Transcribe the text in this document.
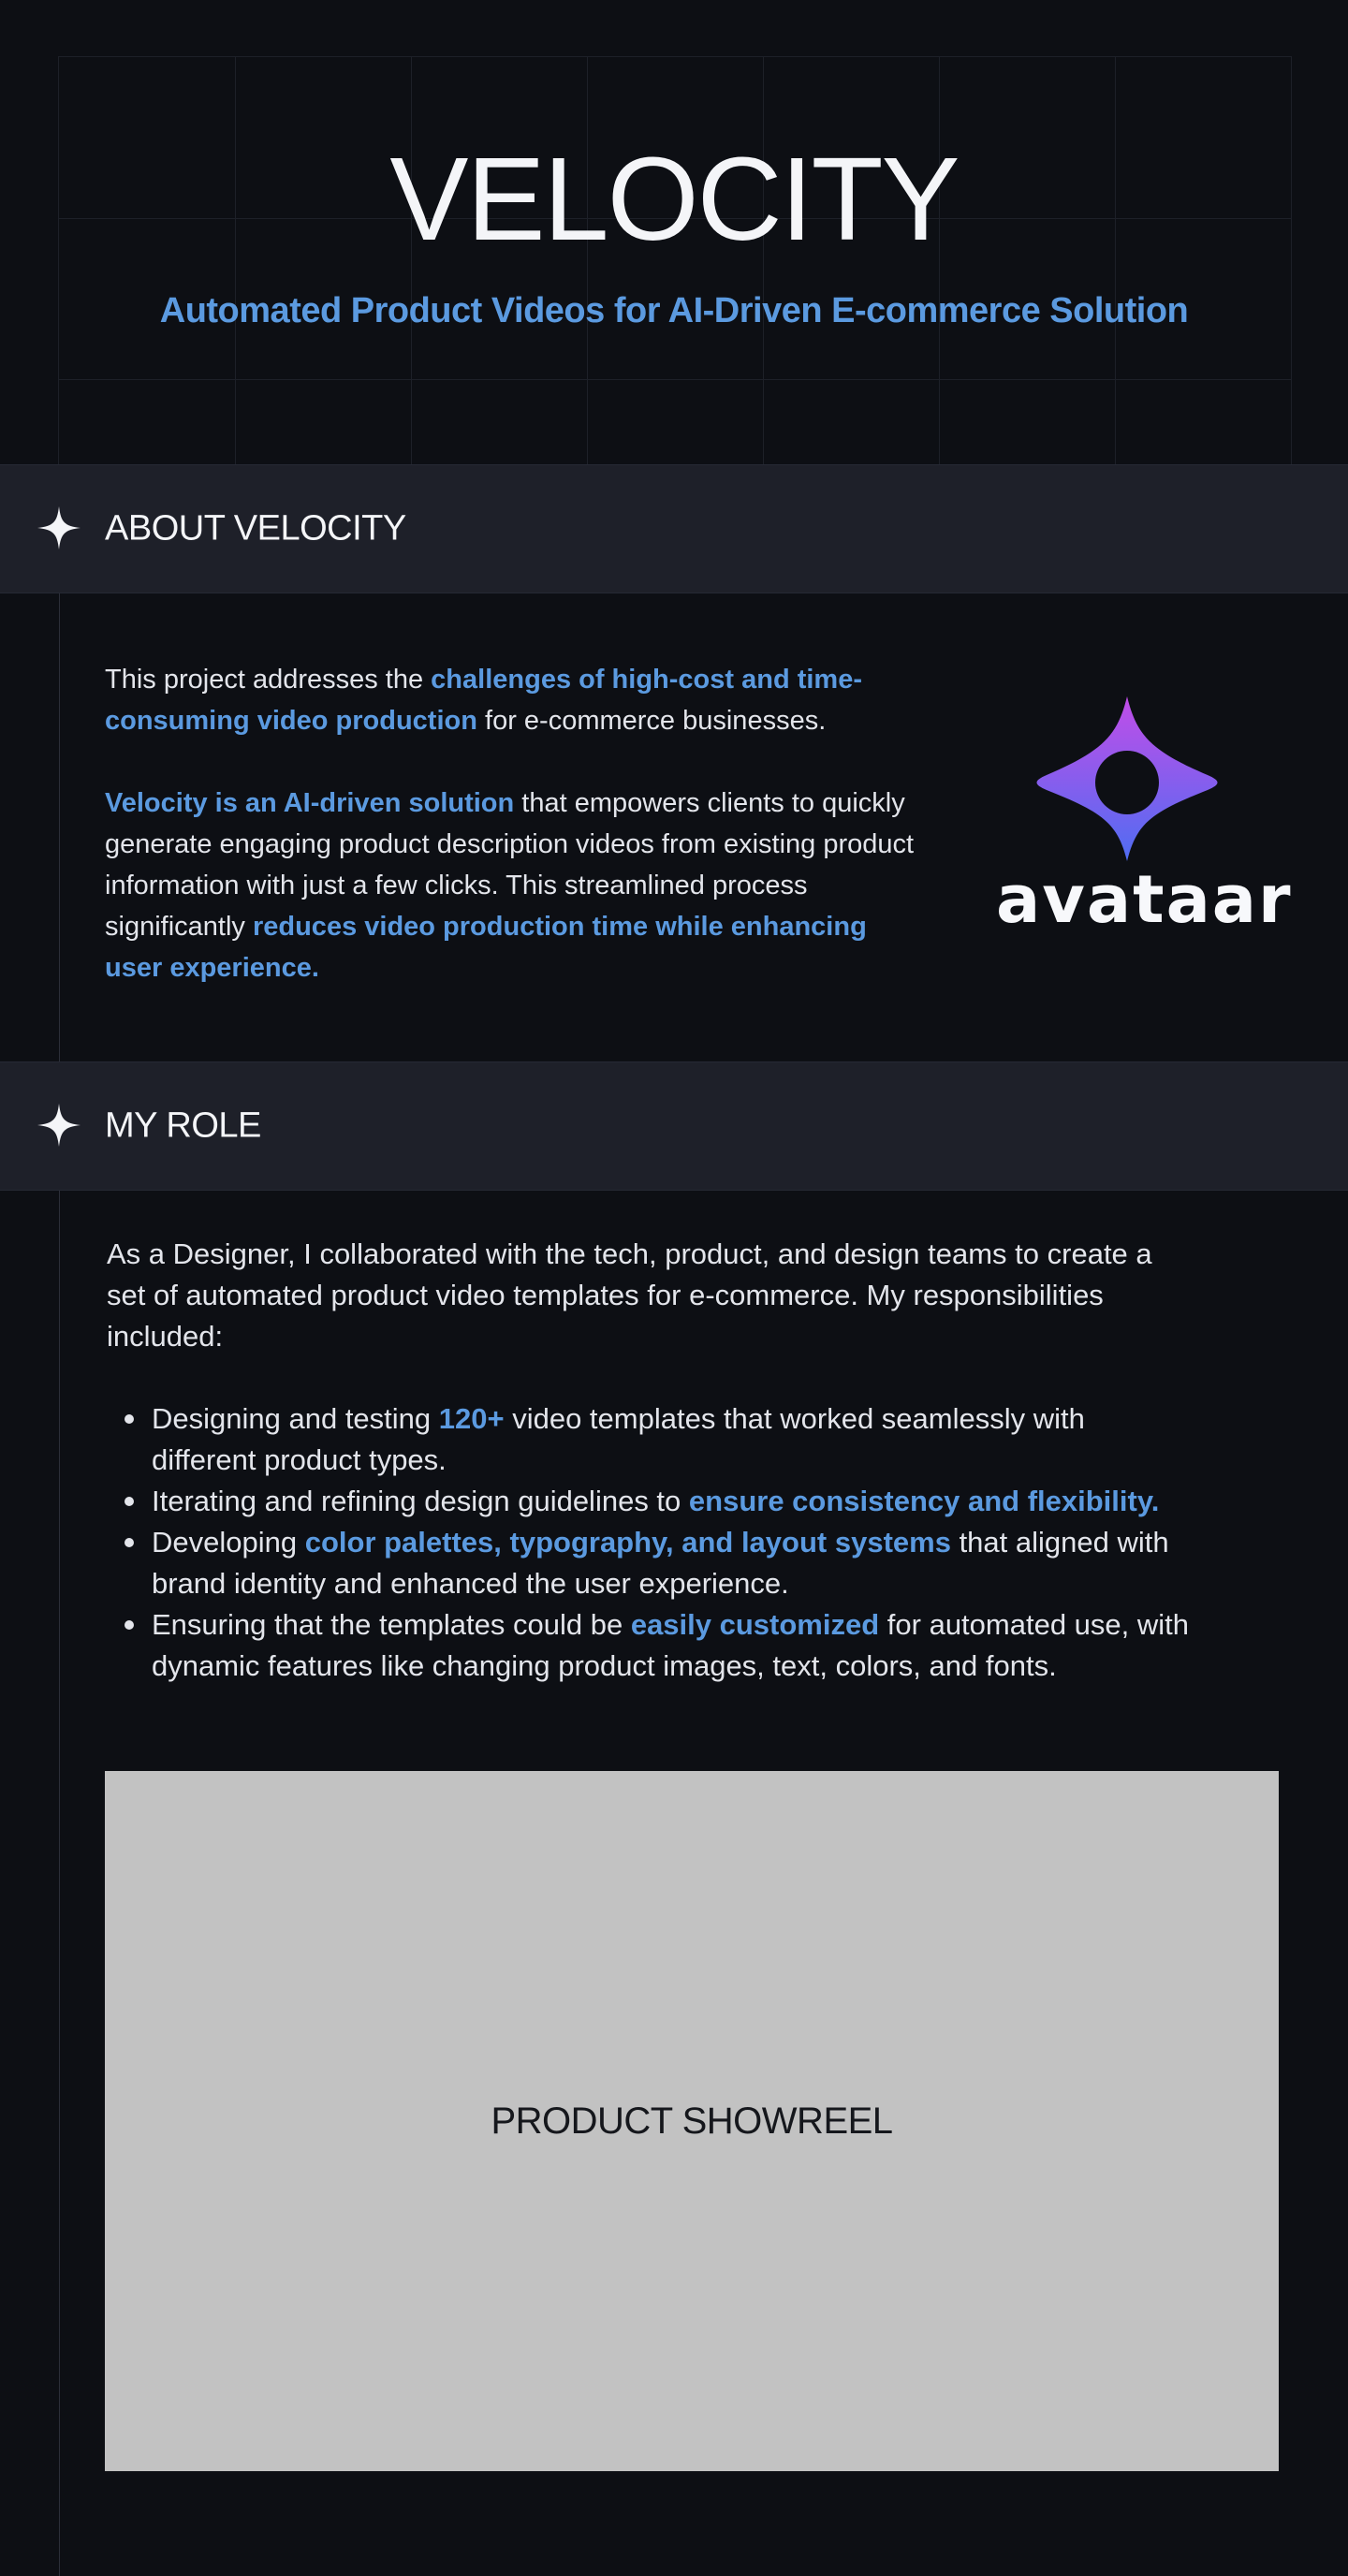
VELOCITY
Automated Product Videos for AI-Driven E-commerce Solution
ABOUT VELOCITY

This project addresses the challenges of high-cost and time-consuming video production for e-commerce businesses.

Velocity is an AI-driven solution that empowers clients to quickly generate engaging product description videos from existing product information with just a few clicks. This streamlined process significantly reduces video production time while enhancing user experience.

avataar
MY ROLE

As a Designer, I collaborated with the tech, product, and design teams to create a set of automated product video templates for e-commerce. My responsibilities included:

Designing and testing 120+ video templates that worked seamlessly with different product types.
Iterating and refining design guidelines to ensure consistency and flexibility.
Developing color palettes, typography, and layout systems that aligned with brand identity and enhanced the user experience.
Ensuring that the templates could be easily customized for automated use, with dynamic features like changing product images, text, colors, and fonts.
PRODUCT SHOWREEL
